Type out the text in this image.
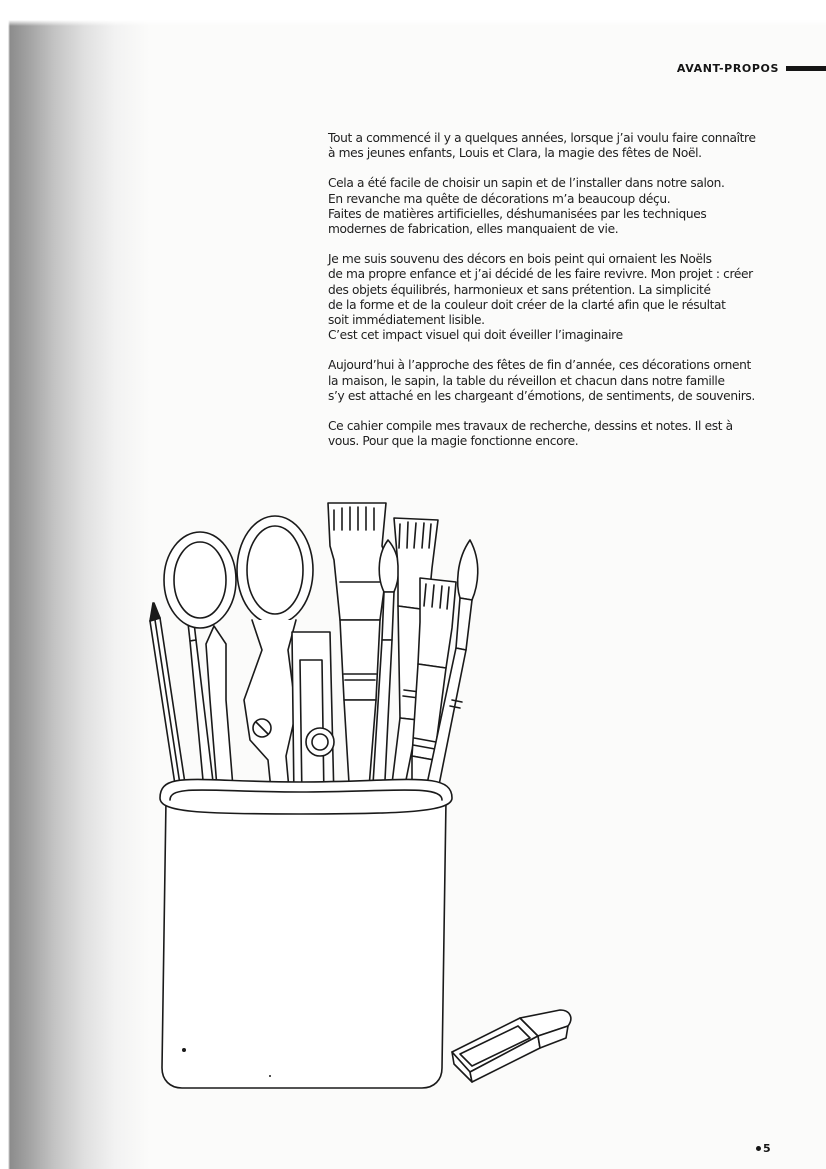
AVANT-PROPOS

Tout a commencé il y a quelques années, lorsque j’ai voulu faire connaître
à mes jeunes enfants, Louis et Clara, la magie des fêtes de Noël.

Cela a été facile de choisir un sapin et de l’installer dans notre salon.
En revanche ma quête de décorations m’a beaucoup déçu.
Faites de matières artificielles, déshumanisées par les techniques
modernes de fabrication, elles manquaient de vie.

Je me suis souvenu des décors en bois peint qui ornaient les Noëls
de ma propre enfance et j’ai décidé de les faire revivre. Mon projet : créer
des objets équilibrés, harmonieux et sans prétention. La simplicité
de la forme et de la couleur doit créer de la clarté afin que le résultat
soit immédiatement lisible.
C’est cet impact visuel qui doit éveiller l’imaginaire

Aujourd’hui à l’approche des fêtes de fin d’année, ces décorations ornent
la maison, le sapin, la table du réveillon et chacun dans notre famille
s’y est attaché en les chargeant d’émotions, de sentiments, de souvenirs.

Ce cahier compile mes travaux de recherche, dessins et notes. Il est à
vous. Pour que la magie fonctionne encore.

5
